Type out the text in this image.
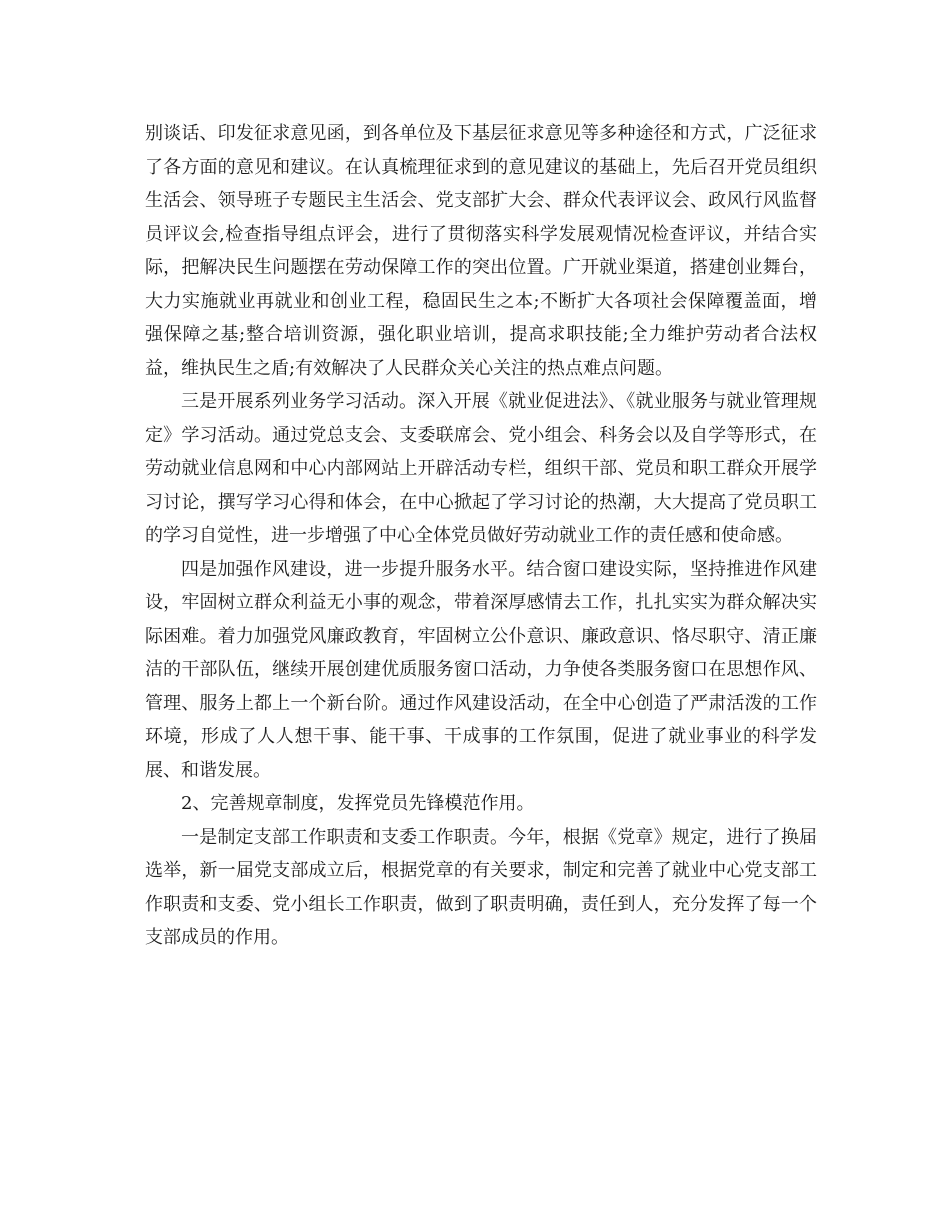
别谈话、印发征求意见函，到各单位及下基层征求意见等多种途径和方式，广泛征求了各方面的意见和建议。在认真梳理征求到的意见建议的基础上，先后召开党员组织生活会、领导班子专题民主生活会、党支部扩大会、群众代表评议会、政风行风监督员评议会,检查指导组点评会，进行了贯彻落实科学发展观情况检查评议，并结合实际，把解决民生问题摆在劳动保障工作的突出位置。广开就业渠道，搭建创业舞台，大力实施就业再就业和创业工程，稳固民生之本;不断扩大各项社会保障覆盖面，增强保障之基;整合培训资源，强化职业培训，提高求职技能;全力维护劳动者合法权益，维执民生之盾;有效解决了人民群众关心关注的热点难点问题。

三是开展系列业务学习活动。深入开展《就业促进法》、《就业服务与就业管理规定》学习活动。通过党总支会、支委联席会、党小组会、科务会以及自学等形式，在劳动就业信息网和中心内部网站上开辟活动专栏，组织干部、党员和职工群众开展学习讨论，撰写学习心得和体会，在中心掀起了学习讨论的热潮，大大提高了党员职工的学习自觉性，进一步增强了中心全体党员做好劳动就业工作的责任感和使命感。

四是加强作风建设，进一步提升服务水平。结合窗口建设实际，坚持推进作风建设，牢固树立群众利益无小事的观念，带着深厚感情去工作，扎扎实实为群众解决实际困难。着力加强党风廉政教育，牢固树立公仆意识、廉政意识、恪尽职守、清正廉洁的干部队伍，继续开展创建优质服务窗口活动，力争使各类服务窗口在思想作风、管理、服务上都上一个新台阶。通过作风建设活动，在全中心创造了严肃活泼的工作环境，形成了人人想干事、能干事、干成事的工作氛围，促进了就业事业的科学发展、和谐发展。

2、完善规章制度，发挥党员先锋模范作用。

一是制定支部工作职责和支委工作职责。今年，根据《党章》规定，进行了换届选举，新一届党支部成立后，根据党章的有关要求，制定和完善了就业中心党支部工作职责和支委、党小组长工作职责，做到了职责明确，责任到人，充分发挥了每一个支部成员的作用。
